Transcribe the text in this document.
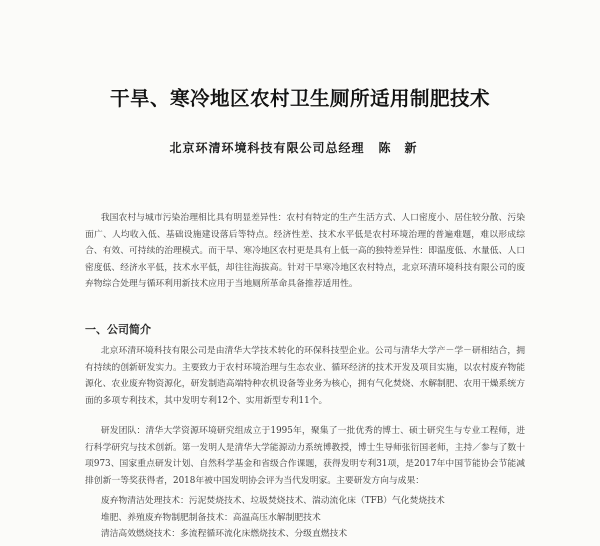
干旱、寒冷地区农村卫生厕所适用制肥技术
北京环清环境科技有限公司总经理 陈新

我国农村与城市污染治理相比具有明显差异性：农村有特定的生产生活方式、人口密度小、居住较分散、污染面广、人均收入低、基础设施建设落后等特点。经济性差、技术水平低是农村环境治理的普遍难题，难以形成综合、有效、可持续的治理模式。而干旱、寒冷地区农村更是具有上低一高的独特差异性：即温度低、水量低、人口密度低、经济水平低，技术水平低，却往往海拔高。针对干旱寒冷地区农村特点，北京环清环境科技有限公司的废弃物综合处理与循环利用新技术应用于当地厕所革命具备推荐适用性。

一、公司简介

北京环清环境科技有限公司是由清华大学技术转化的环保科技型企业。公司与清华大学产－学－研相结合，拥有持续的创新研发实力。主要致力于农村环境治理与生态农业、循环经济的技术开发及项目实施，以农村废弃物能源化、农业废弃物资源化，研发制造高端特种农机设备等业务为核心，拥有气化焚烧、水解制肥、农用干燥系统方面的多项专利技术，其中发明专利12个、实用新型专利11个。

研发团队：清华大学资源环境研究组成立于1995年，聚集了一批优秀的博士、硕士研究生与专业工程师，进行科学研究与技术创新。第一发明人是清华大学能源动力系统博教授，博士生导师张衍国老师，主持／参与了数十项973、国家重点研发计划、自然科学基金和省级合作课题，获得发明专利31项，是2017年中国节能协会节能减排创新一等奖获得者，2018年被中国发明协会评为当代发明家。主要研发方向与成果：

废弃物清洁处理技术：污泥焚烧技术、垃圾焚烧技术、湍动流化床（TFB）气化焚烧技术
堆肥、养殖废弃物制肥制备技术：高温高压水解制肥技术
清洁高效燃烧技术：多流程循环流化床燃烧技术、分级直燃技术
